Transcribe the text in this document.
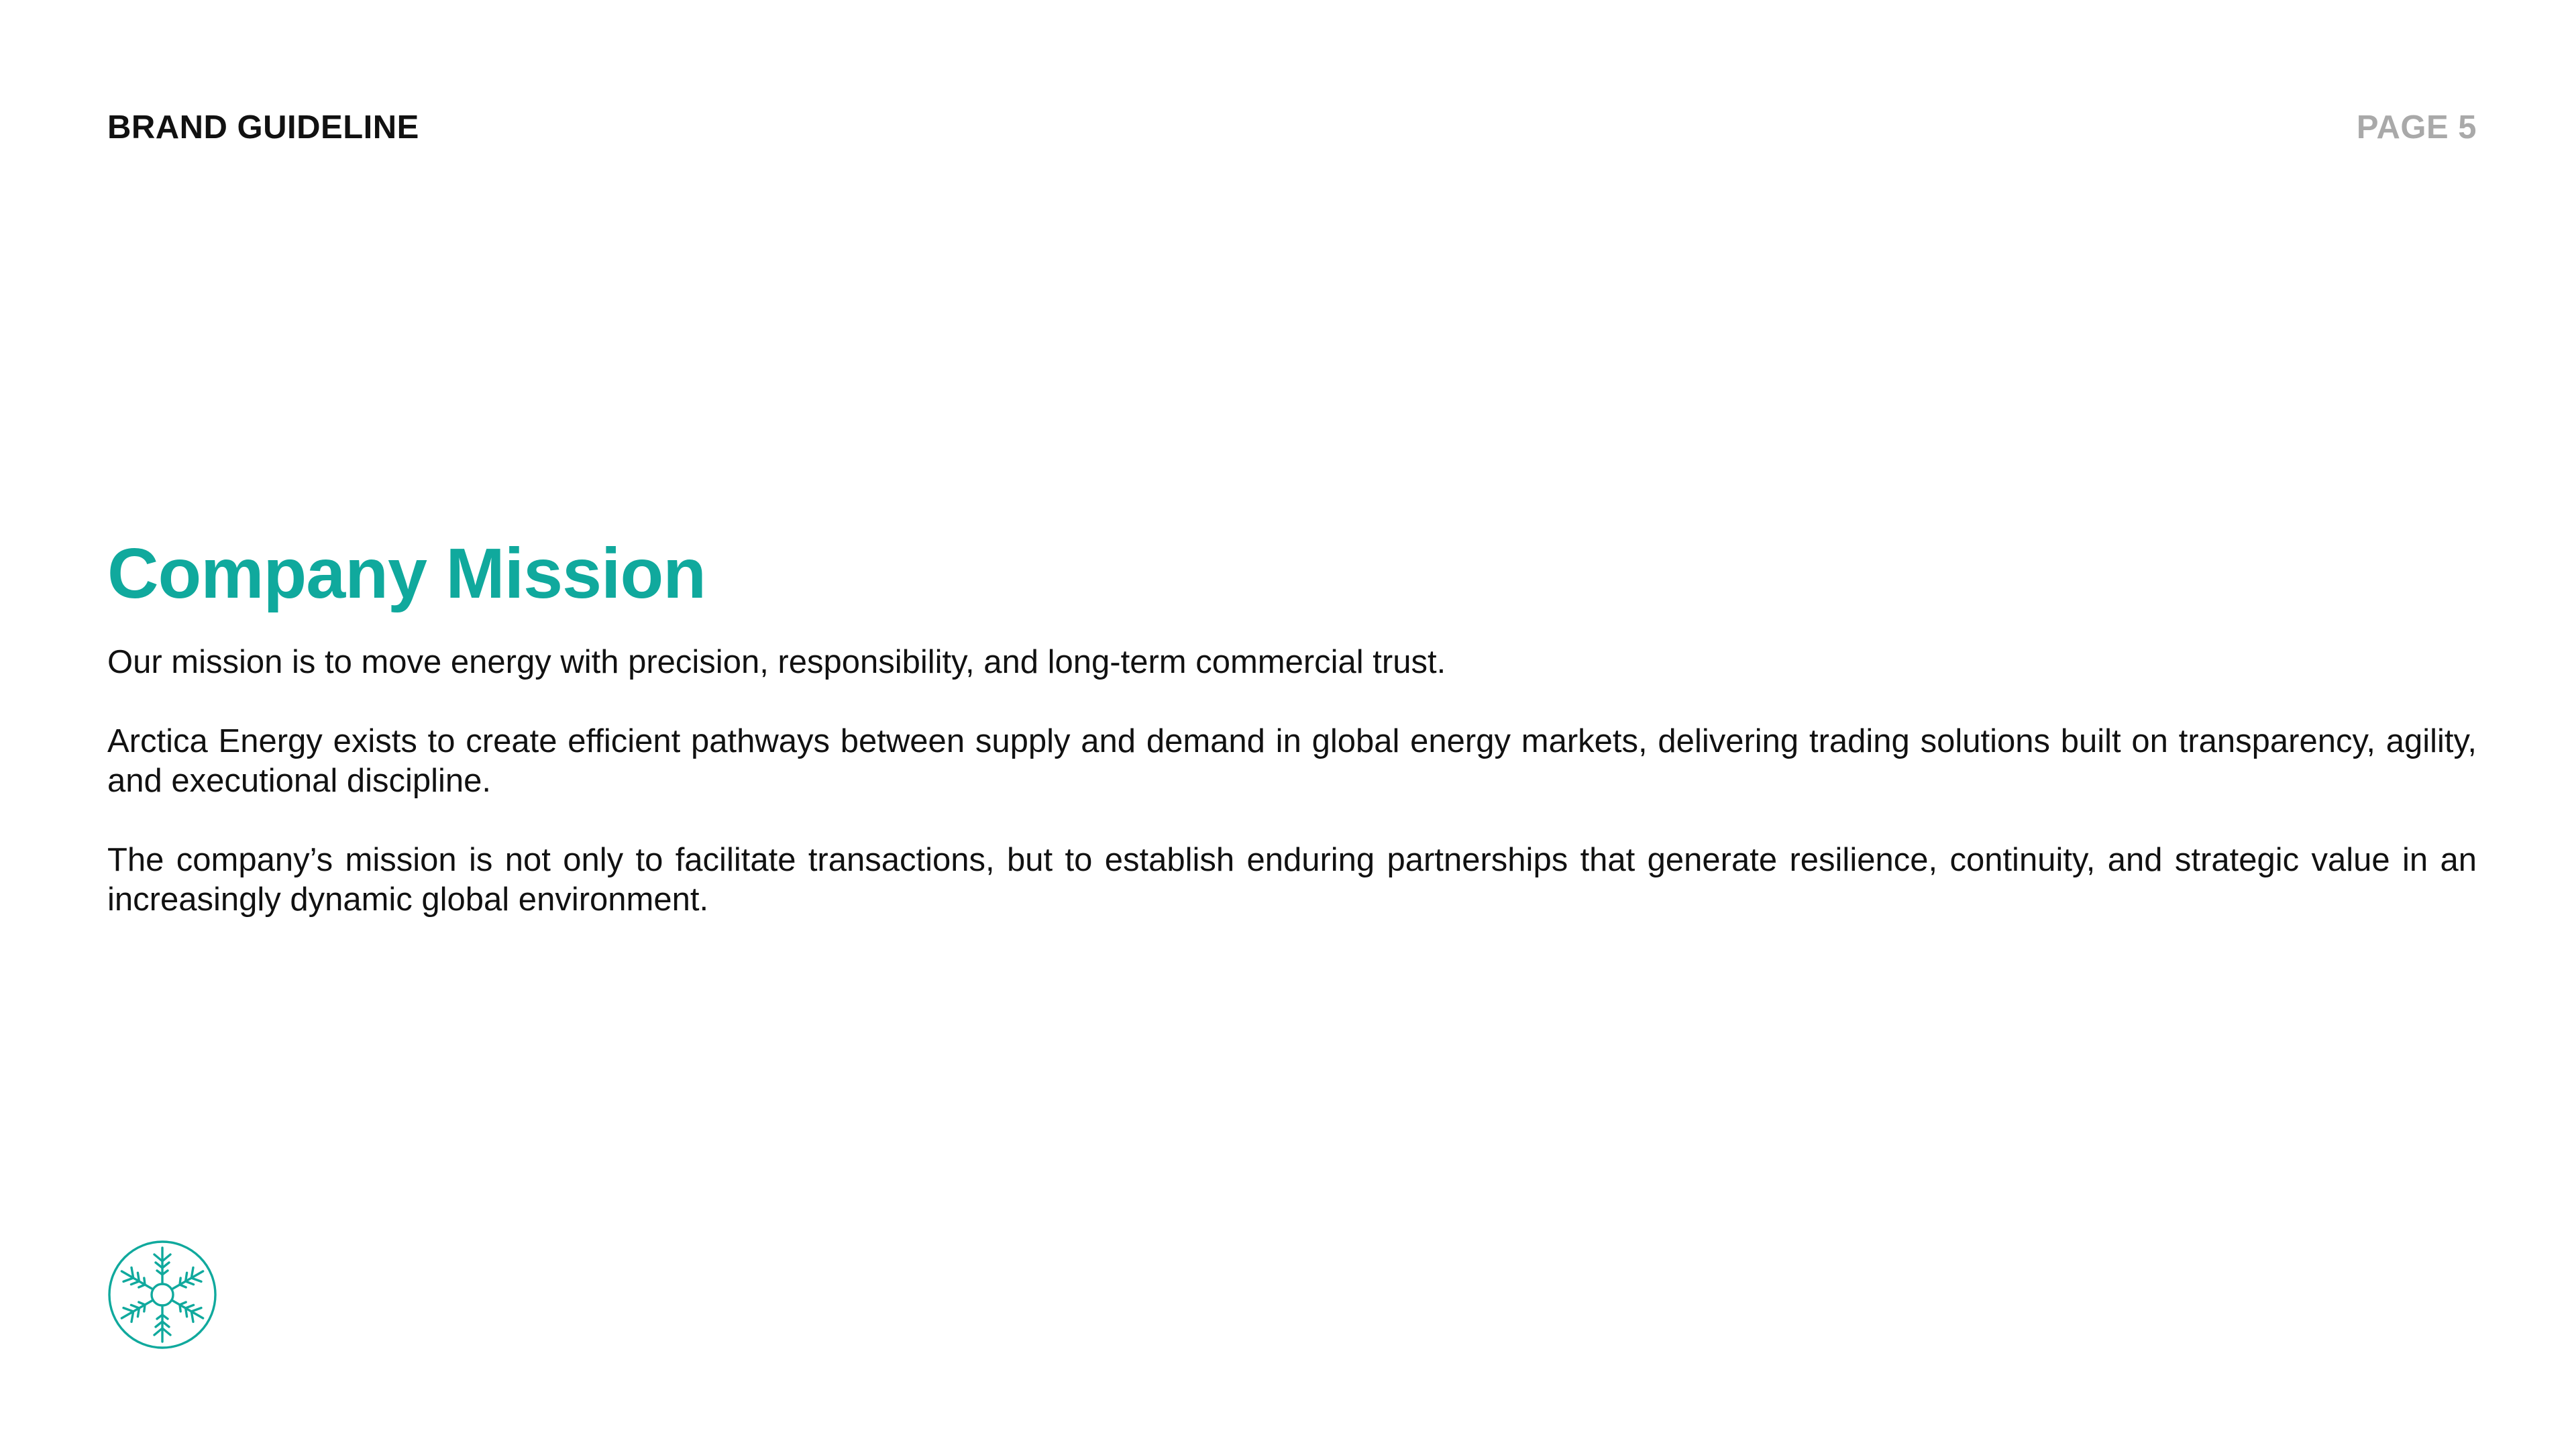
BRAND GUIDELINE	PAGE 5
Company Mission

Our mission is to move energy with precision, responsibility, and long-term commercial trust.

Arctica Energy exists to create efficient pathways between supply and demand in global energy markets, delivering trading solutions built on transparency, agility, and executional discipline.

The company’s mission is not only to facilitate transactions, but to establish enduring partnerships that generate resilience, continuity, and strategic value in an increasingly dynamic global environment.
